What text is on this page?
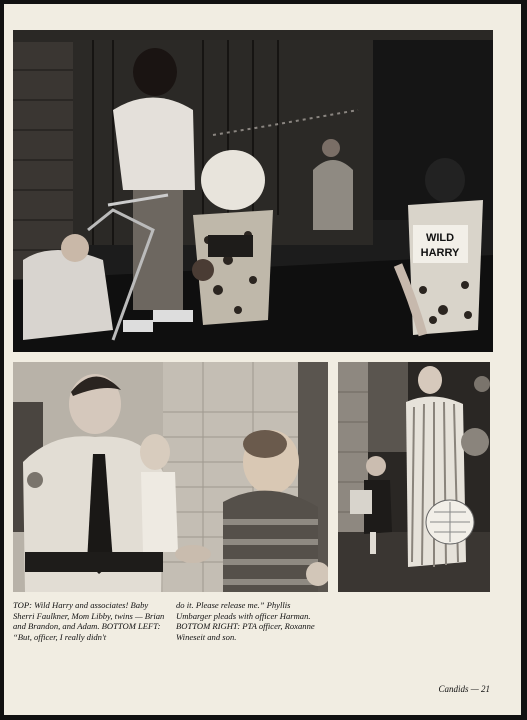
WILD
HARRY
TOP: Wild Harry and associates! Baby Sherri Faulkner, Mom Libby, twins — Brian and Brandon, and Adam. BOTTOM LEFT: “But, officer, I really didn't
do it. Please release me.” Phyllis Umbarger pleads with officer Harman. BOTTOM RIGHT: PTA officer, Roxanne Wineseit and son.
Candids — 21
